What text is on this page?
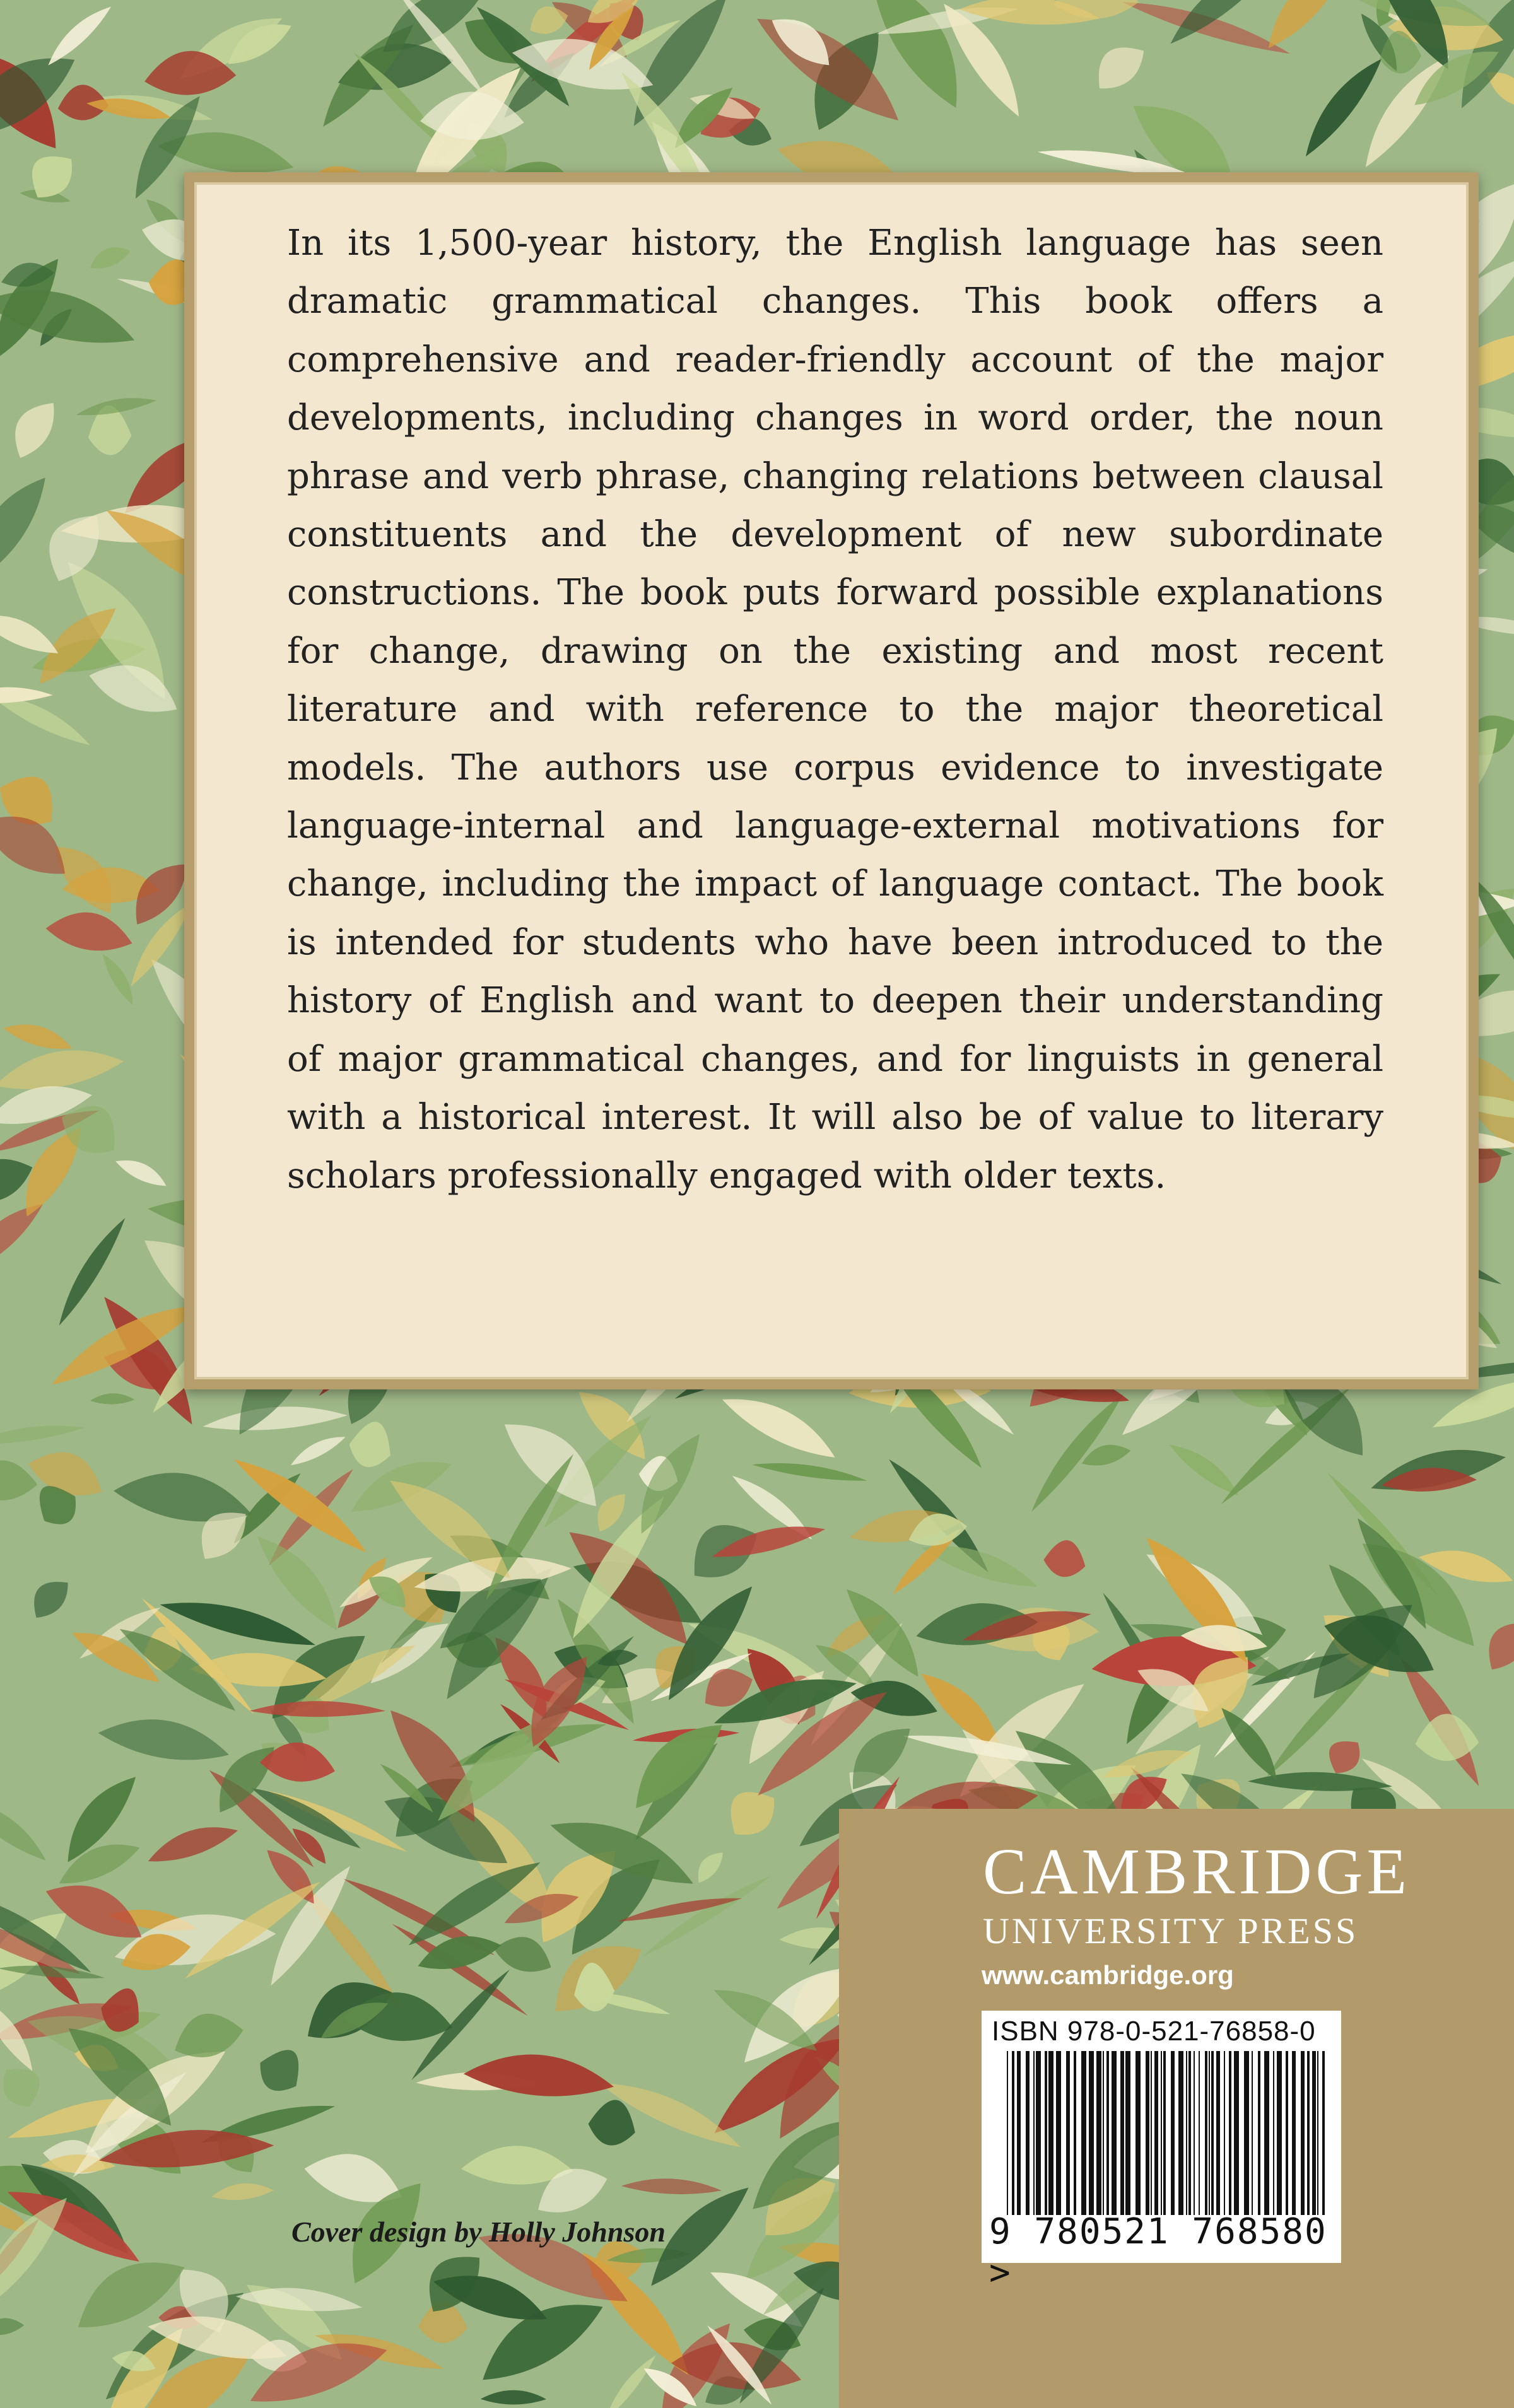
In its 1,500-year history, the English language has seen dramatic grammatical changes. This book offers a comprehensive and reader-friendly account of the major developments, including changes in word order, the noun phrase and verb phrase, changing relations between clausal constituents and the development of new subordinate constructions. The book puts forward possible explanations for change, drawing on the existing and most recent literature and with reference to the major theoretical models. The authors use corpus evidence to investigate language-internal and language-external motivations for change, including the impact of language contact. The book is intended for students who have been introduced to the history of English and want to deepen their understanding of major grammatical changes, and for linguists in general with a historical interest. It will also be of value to literary scholars professionally engaged with older texts.

Cover design by Holly Johnson

CAMBRIDGE

UNIVERSITY PRESS

www.cambridge.org

ISBN 978-0-521-76858-0

9 780521 768580 >
